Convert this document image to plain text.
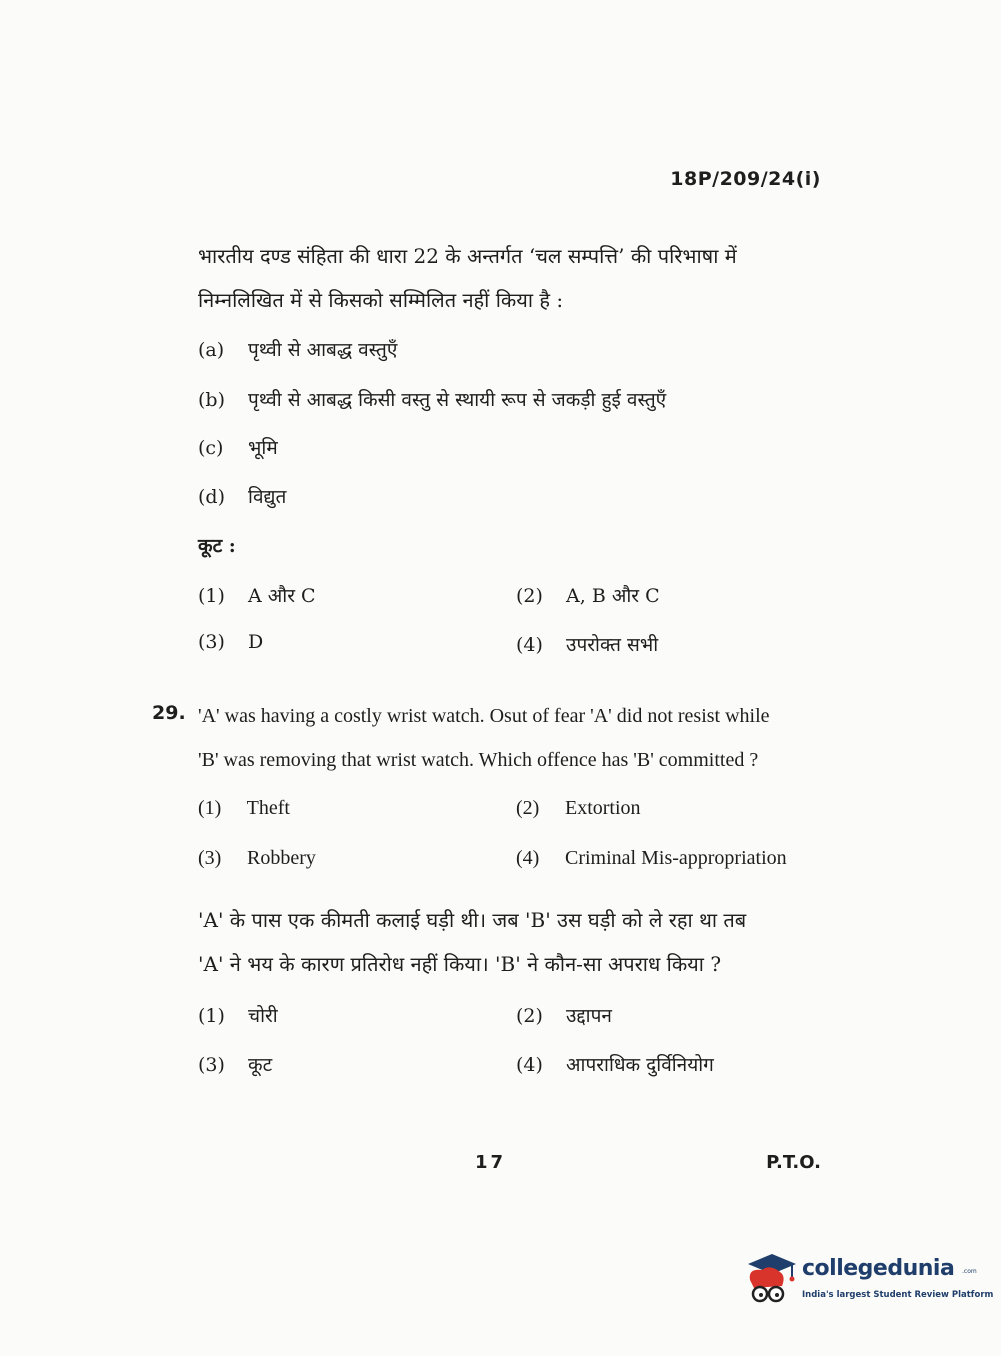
18P/209/24(i)
भारतीय दण्ड संहिता की धारा 22 के अन्तर्गत ‘चल सम्पत्ति’ की परिभाषा में
निम्नलिखित में से किसको सम्मिलित नहीं किया है :
(a) पृथ्वी से आबद्ध वस्तुएँ
(b) पृथ्वी से आबद्ध किसी वस्तु से स्थायी रूप से जकड़ी हुई वस्तुएँ
(c) भूमि
(d) विद्युत
कूट :
(1) A और C	(2) A, B और C
(3) D	(4) उपरोक्त सभी
29. 'A' was having a costly wrist watch. Osut of fear 'A' did not resist while
'B' was removing that wrist watch. Which offence has 'B' committed ?
(1) Theft	(2) Extortion
(3) Robbery	(4) Criminal Mis-appropriation
'A' के पास एक कीमती कलाई घड़ी थी। जब 'B' उस घड़ी को ले रहा था तब
'A' ने भय के कारण प्रतिरोध नहीं किया। 'B' ने कौन-सा अपराध किया ?
(1) चोरी	(2) उद्दापन
(3) कूट	(4) आपराधिक दुर्विनियोग
17	P.T.O.
collegedunia .com
India's largest Student Review Platform
